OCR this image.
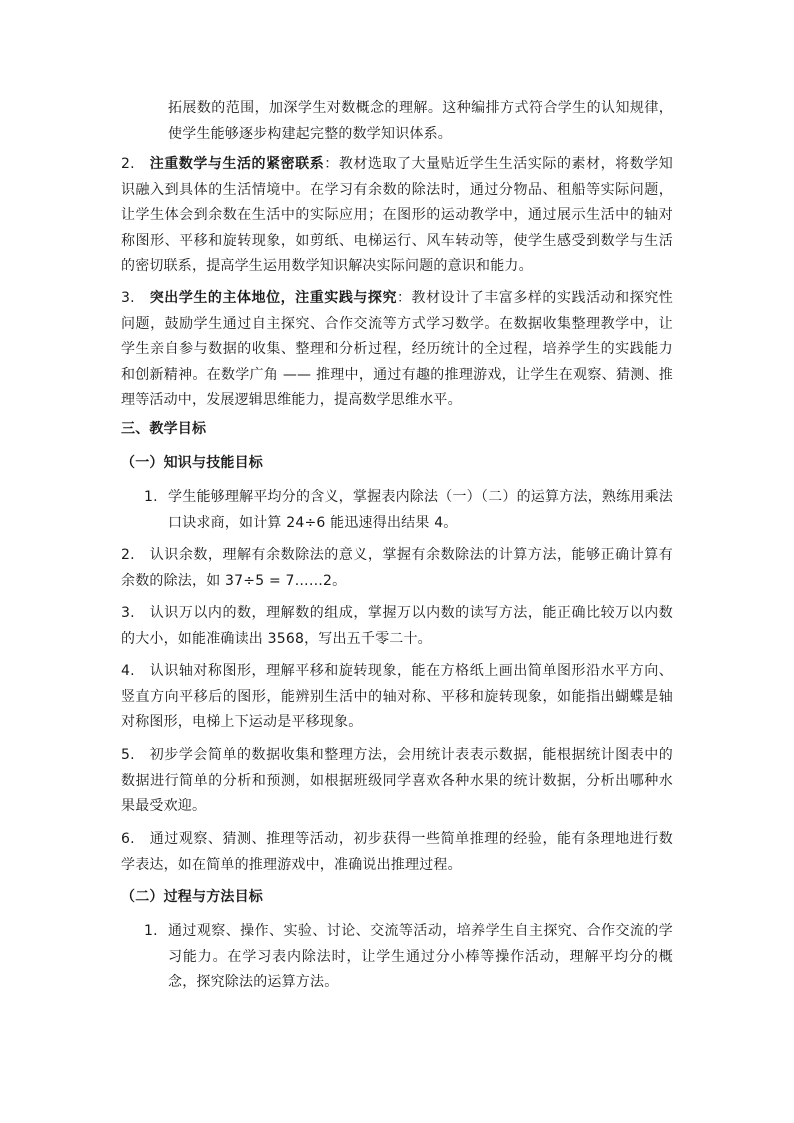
拓展数的范围，加深学生对数概念的理解。这种编排方式符合学生的认知规律，使学生能够逐步构建起完整的数学知识体系。

2. 注重数学与生活的紧密联系：教材选取了大量贴近学生生活实际的素材，将数学知识融入到具体的生活情境中。在学习有余数的除法时，通过分物品、租船等实际问题，让学生体会到余数在生活中的实际应用；在图形的运动教学中，通过展示生活中的轴对称图形、平移和旋转现象，如剪纸、电梯运行、风车转动等，使学生感受到数学与生活的密切联系，提高学生运用数学知识解决实际问题的意识和能力。

3. 突出学生的主体地位，注重实践与探究：教材设计了丰富多样的实践活动和探究性问题，鼓励学生通过自主探究、合作交流等方式学习数学。在数据收集整理教学中，让学生亲自参与数据的收集、整理和分析过程，经历统计的全过程，培养学生的实践能力和创新精神。在数学广角 —— 推理中，通过有趣的推理游戏，让学生在观察、猜测、推理等活动中，发展逻辑思维能力，提高数学思维水平。

三、教学目标

（一）知识与技能目标

1. 学生能够理解平均分的含义，掌握表内除法（一）（二）的运算方法，熟练用乘法口诀求商，如计算 24÷6 能迅速得出结果 4。

2. 认识余数，理解有余数除法的意义，掌握有余数除法的计算方法，能够正确计算有余数的除法，如 37÷5 = 7……2。

3. 认识万以内的数，理解数的组成，掌握万以内数的读写方法，能正确比较万以内数的大小，如能准确读出 3568，写出五千零二十。

4. 认识轴对称图形，理解平移和旋转现象，能在方格纸上画出简单图形沿水平方向、竖直方向平移后的图形，能辨别生活中的轴对称、平移和旋转现象，如能指出蝴蝶是轴对称图形，电梯上下运动是平移现象。

5. 初步学会简单的数据收集和整理方法，会用统计表表示数据，能根据统计图表中的数据进行简单的分析和预测，如根据班级同学喜欢各种水果的统计数据，分析出哪种水果最受欢迎。

6. 通过观察、猜测、推理等活动，初步获得一些简单推理的经验，能有条理地进行数学表达，如在简单的推理游戏中，准确说出推理过程。

（二）过程与方法目标

1. 通过观察、操作、实验、讨论、交流等活动，培养学生自主探究、合作交流的学习能力。在学习表内除法时，让学生通过分小棒等操作活动，理解平均分的概念，探究除法的运算方法。
